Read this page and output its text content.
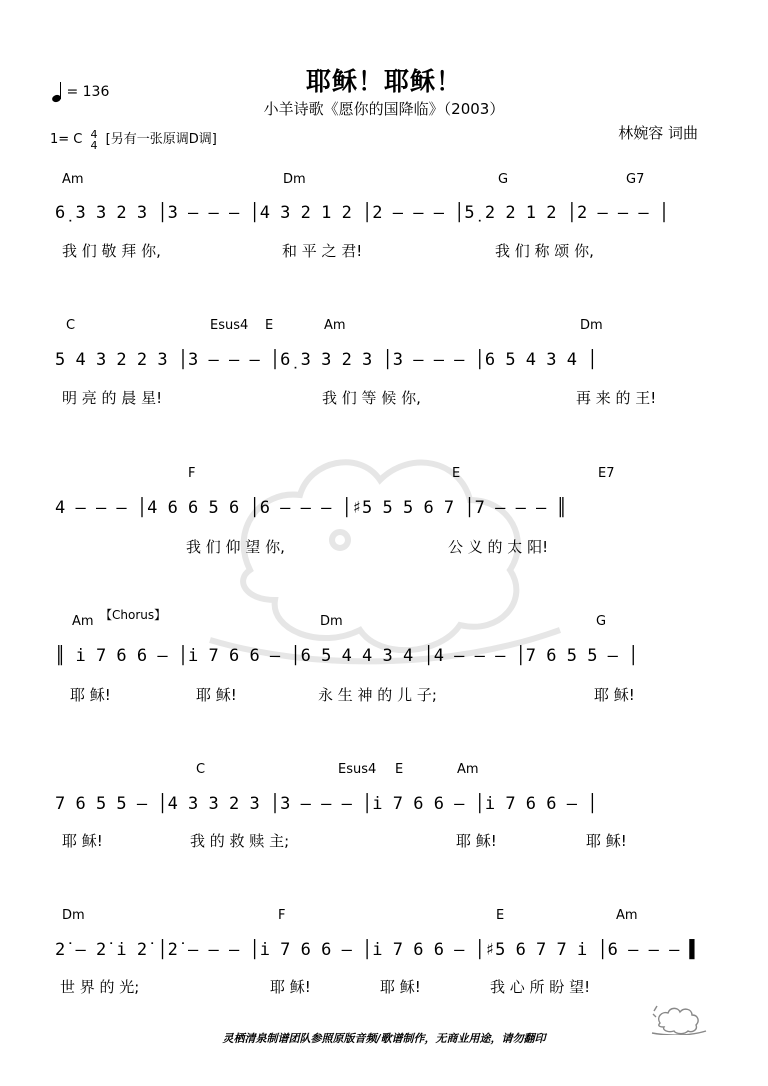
耶稣！耶稣！
小羊诗歌《愿你的国降临》（2003）
= 136
1= C 4
4 [另有一张原调D调]	林婉容 词曲
Am	Dm	G	G7
6̣ 3 3 2 3 │3 – – – │4 3 2 1 2 │2 – – – │5̣ 2 2 1 2 │2 – – – │
我 们 敬 拜 你,	和 平 之 君!	我 们 称 颂 你,
C	Esus4 E	Am	Dm
5 4 3 2 2 3 │3 – – – │6̣ 3 3 2 3 │3 – – – │6 5 4 3 4 │
明 亮 的 晨 星!	我 们 等 候 你,	再 来 的 王!
F	E	E7
4 – – – │4 6 6 5 6 │6 – – – │♯5 5 5 6 7 │7 – – – ║
我 们 仰 望 你,	公 义 的 太 阳!
Am 【Chorus】	Dm	G
║ i 7 6 6 – │i 7 6 6 – │6 5 4 4 3 4 │4 – – – │7 6 5 5 – │
耶 稣!	耶 稣!	永 生 神 的 儿 子;	耶 稣!
C	Esus4 E	Am
7 6 5 5 – │4 3 3 2 3 │3 – – – │i 7 6 6 – │i 7 6 6 – │
耶 稣!	我 的 救 赎 主;	耶 稣!	耶 稣!
Dm	F	E	Am
2̇ – 2̇ i 2̇ │2̇ – – – │i 7 6 6 – │i 7 6 6 – │♯5 6 7 7 i │6 – – – ▌
世 界 的 光;	耶 稣!	耶 稣!	我 心 所 盼 望!
灵栖清泉制谱团队参照原版音频/歌谱制作，无商业用途，请勿翻印
